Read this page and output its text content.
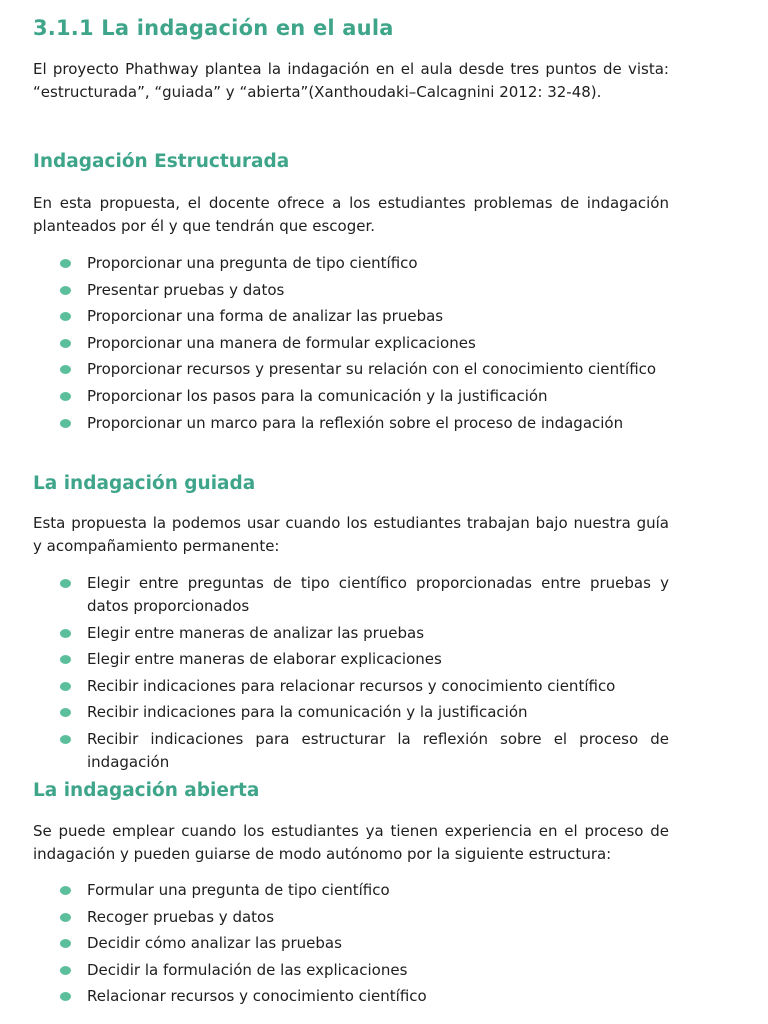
3.1.1 La indagación en el aula

El proyecto Phathway plantea la indagación en el aula desde tres puntos de vista: “estructurada”, “guiada” y “abierta”(Xanthoudaki–Calcagnini 2012: 32-48).

Indagación Estructurada

En esta propuesta, el docente ofrece a los estudiantes problemas de indagación planteados por él y que tendrán que escoger.

Proporcionar una pregunta de tipo científico
Presentar pruebas y datos
Proporcionar una forma de analizar las pruebas
Proporcionar una manera de formular explicaciones
Proporcionar recursos y presentar su relación con el conocimiento científico
Proporcionar los pasos para la comunicación y la justificación
Proporcionar un marco para la reflexión sobre el proceso de indagación
La indagación guiada

Esta propuesta la podemos usar cuando los estudiantes trabajan bajo nuestra guía y acompañamiento permanente:

Elegir entre preguntas de tipo científico proporcionadas entre pruebas y datos proporcionados
Elegir entre maneras de analizar las pruebas
Elegir entre maneras de elaborar explicaciones
Recibir indicaciones para relacionar recursos y conocimiento científico
Recibir indicaciones para la comunicación y la justificación
Recibir indicaciones para estructurar la reflexión sobre el proceso de indagación
La indagación abierta

Se puede emplear cuando los estudiantes ya tienen experiencia en el proceso de indagación y pueden guiarse de modo autónomo por la siguiente estructura:

Formular una pregunta de tipo científico
Recoger pruebas y datos
Decidir cómo analizar las pruebas
Decidir la formulación de las explicaciones
Relacionar recursos y conocimiento científico
